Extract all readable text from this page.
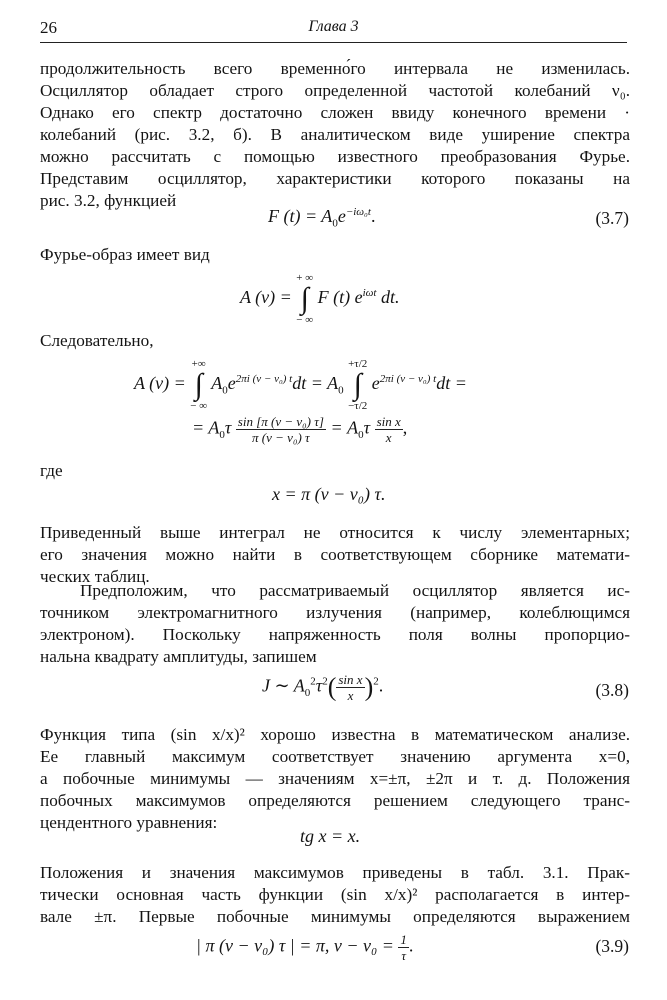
26	Глава 3
продолжительность всего временно́го интервала не изменилась.
Осциллятор обладает строго определенной частотой колебаний ν₀.
Однако его спектр достаточно сложен ввиду конечного времени ·
колебаний (рис. 3.2, б). В аналитическом виде уширение спектра
можно рассчитать с помощью известного преобразования Фурье.
Представим осциллятор, характеристики которого показаны на
рис. 3.2, функцией
F $(t) = A_0e^{-i\omega_0t}$.	(3.7)
Фурье-образ имеет вид
A (ν) =
+ ∞
∫
− ∞
F (t) $e^{i\omega t}$ dt.
Следовательно,
A (ν) =
+∞
∫
− ∞
$A_0e^{2\pi i (\nu - \nu_0) t}dt = A_0$
+τ/2
∫
−τ/2
$e^{2\pi i (\nu - \nu_0) t}dt$ =
= $A_0\tau \frac{\text{sin [π (ν − ν₀) τ]}}{\text{π (ν − ν₀) τ}} = A_0\tau \frac{\text{sin x}}{x}$ ,
где
x = π (ν − ν₀) τ.
Приведенный выше интеграл не относится к числу элементарных;
его значения можно найти в соответствующем сборнике математи-
ческих таблиц.
Предположим, что рассматриваемый осциллятор является ис-
точником электромагнитного излучения (например, колеблющимся
электроном). Поскольку напряженность поля волны пропорцио-
нальна квадрату амплитуды, запишем
J ∼ $A_0^2\tau^2( \frac{\text{sin x}}{x} )^2$.	(3.8)
Функция типа (sin x/x)² хорошо известна в математическом анализе.
Ее главный максимум соответствует значению аргумента x=0,
а побочные минимумы — значениям x=±π, ±2π и т. д. Положения
побочных максимумов определяются решением следующего транс-
цендентного уравнения:
tg x = x.
Положения и значения максимумов приведены в табл. 3.1. Прак-
тически основная часть функции (sin x/x)² располагается в интер-
вале ±π. Первые побочные минимумы определяются выражением
| π (ν − ν₀) τ | = π, $\nu - \nu_0 = \frac{1}{\tau}$ .	(3.9)
